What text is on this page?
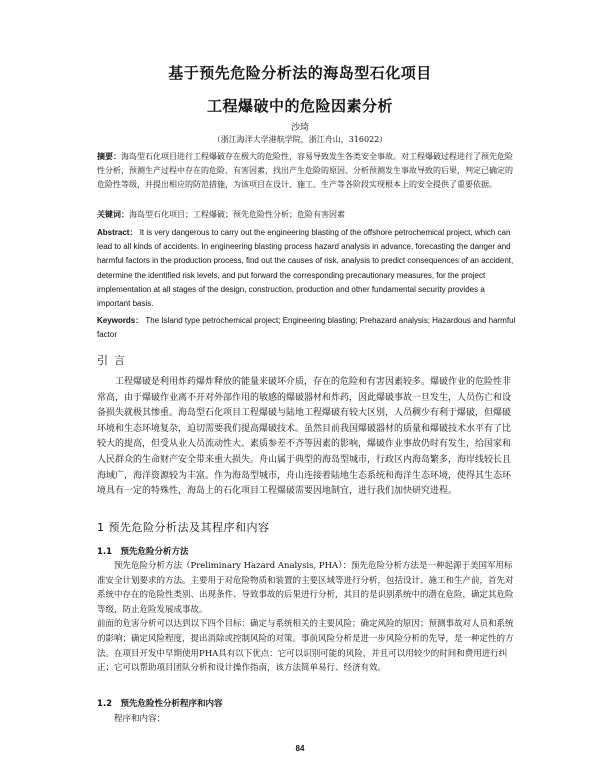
基于预先危险分析法的海岛型石化项目
工程爆破中的危险因素分析
沙琦
（浙江海洋大学港航学院，浙江舟山，316022）
摘要：海岛型石化项目进行工程爆破存在极大的危险性，容易导致发生各类安全事故。对工程爆破过程进行了预先危险性分析，预测生产过程中存在的危险、有害因素，找出产生危险的原因、分析预测发生事故导致的后果，判定已确定的危险性等级，并提出相应的防范措施，为该项目在设计、施工、生产等各阶段实现根本上的安全提供了重要依据。
关键词：海岛型石化项目；工程爆破；预先危险性分析；危险有害因素
Abstract： It is very dangerous to carry out the engineering blasting of the offshore petrochemical project, which can lead to all kinds of accidents. In engineering blasting process hazard analysis in advance, forecasting the danger and harmful factors in the production process, find out the causes of risk, analysis to predict consequences of an accident, determine the identified risk levels, and put forward the corresponding precautionary measures, for the project implementation at all stages of the design, construction, production and other fundamental security provides a important basis.
Keywords： The Island type petrochemical project; Engineering blasting; Prehazard analysis; Hazardous and harmful factor
引言

工程爆破是利用炸药爆炸释放的能量来破坏介质，存在的危险和有害因素较多。爆破作业的危险性非常高，由于爆破作业离不开对外部作用的敏感的爆破器材和炸药，因此爆破事故一旦发生，人员伤亡和设备损失就极其惨重。海岛型石化项目工程爆破与陆地工程爆破有较大区别，人员稠少有利于爆破，但爆破环境和生态环境复杂，迫切需要我们提高爆破技术。虽然目前我国爆破器材的质量和爆破技术水平有了比较大的提高，但受从业人员流动性大、素质参差不齐等因素的影响，爆破作业事故仍时有发生，给国家和人民群众的生命财产安全带来重大损失。舟山属于典型的海岛型城市，行政区内海岛繁多，海岸线较长且海域广，海洋资源较为丰富。作为海岛型城市，舟山连接着陆地生态系统和海洋生态环境，使得其生态环境具有一定的特殊性，海岛上的石化项目工程爆破需要因地制宜，进行我们加快研究进程。

1 预先危险分析法及其程序和内容
1.1　预先危险分析方法

预先危险分析方法（Preliminary Hazard Analysis, PHA）：预先危险分析方法是一种起源于美国军用标准安全计划要求的方法。主要用于对危险物质和装置的主要区域等进行分析，包括设计、施工和生产前，首先对系统中存在的危险性类别、出现条件、导致事故的后果进行分析，其目的是识别系统中的潜在危险，确定其危险等级，防止危险发展成事故。

前面的危害分析可以达到以下四个目标：确定与系统相关的主要风险；确定风险的原因；预测事故对人员和系统的影响；确定风险程度，提出消除或控制风险的对策。事前风险分析是进一步风险分析的先导，是一种定性的方法。在项目开发中早期使用PHA具有以下优点：它可以识别可能的风险，并且可以用较少的时间和费用进行纠正；它可以帮助项目团队分析和设计操作指南，该方法简单易行、经济有效。

1.2　预先危险性分析程序和内容

程序和内容：

84
